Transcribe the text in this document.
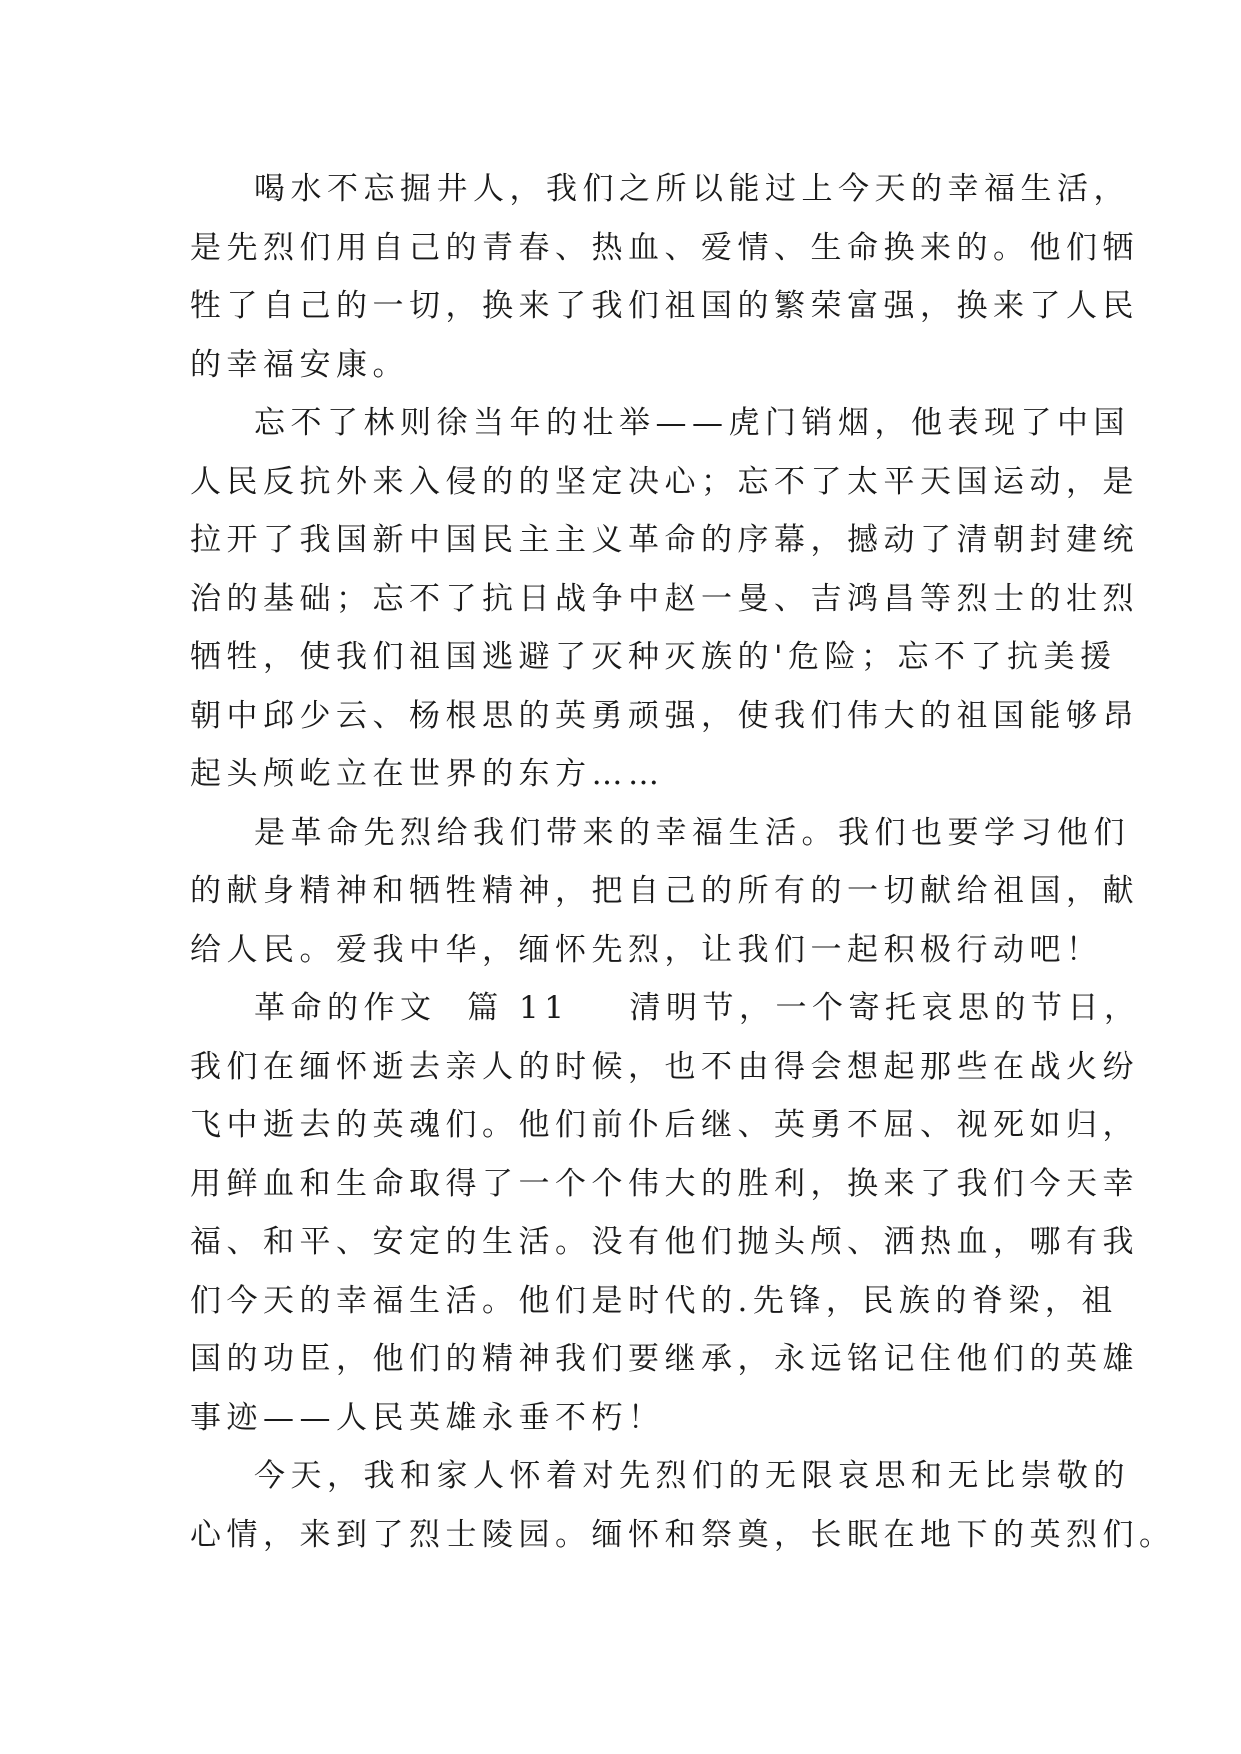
喝水不忘掘井人，我们之所以能过上今天的幸福生活，
是先烈们用自己的青春、热血、爱情、生命换来的。他们牺
牲了自己的一切，换来了我们祖国的繁荣富强，换来了人民
的幸福安康。

忘不了林则徐当年的壮举——虎门销烟，他表现了中国
人民反抗外来入侵的的坚定决心；忘不了太平天国运动，是
拉开了我国新中国民主主义革命的序幕，撼动了清朝封建统
治的基础；忘不了抗日战争中赵一曼、吉鸿昌等烈士的壮烈
牺牲，使我们祖国逃避了灭种灭族的'危险；忘不了抗美援
朝中邱少云、杨根思的英勇顽强，使我们伟大的祖国能够昂
起头颅屹立在世界的东方……

是革命先烈给我们带来的幸福生活。我们也要学习他们
的献身精神和牺牲精神，把自己的所有的一切献给祖国，献
给人民。爱我中华，缅怀先烈，让我们一起积极行动吧！

革命的作文  篇 11 清明节，一个寄托哀思的节日，
我们在缅怀逝去亲人的时候，也不由得会想起那些在战火纷
飞中逝去的英魂们。他们前仆后继、英勇不屈、视死如归，
用鲜血和生命取得了一个个伟大的胜利，换来了我们今天幸
福、和平、安定的生活。没有他们抛头颅、洒热血，哪有我
们今天的幸福生活。他们是时代的.先锋，民族的脊梁，祖
国的功臣，他们的精神我们要继承，永远铭记住他们的英雄
事迹——人民英雄永垂不朽！

今天，我和家人怀着对先烈们的无限哀思和无比崇敬的
心情，来到了烈士陵园。缅怀和祭奠，长眠在地下的英烈们。
